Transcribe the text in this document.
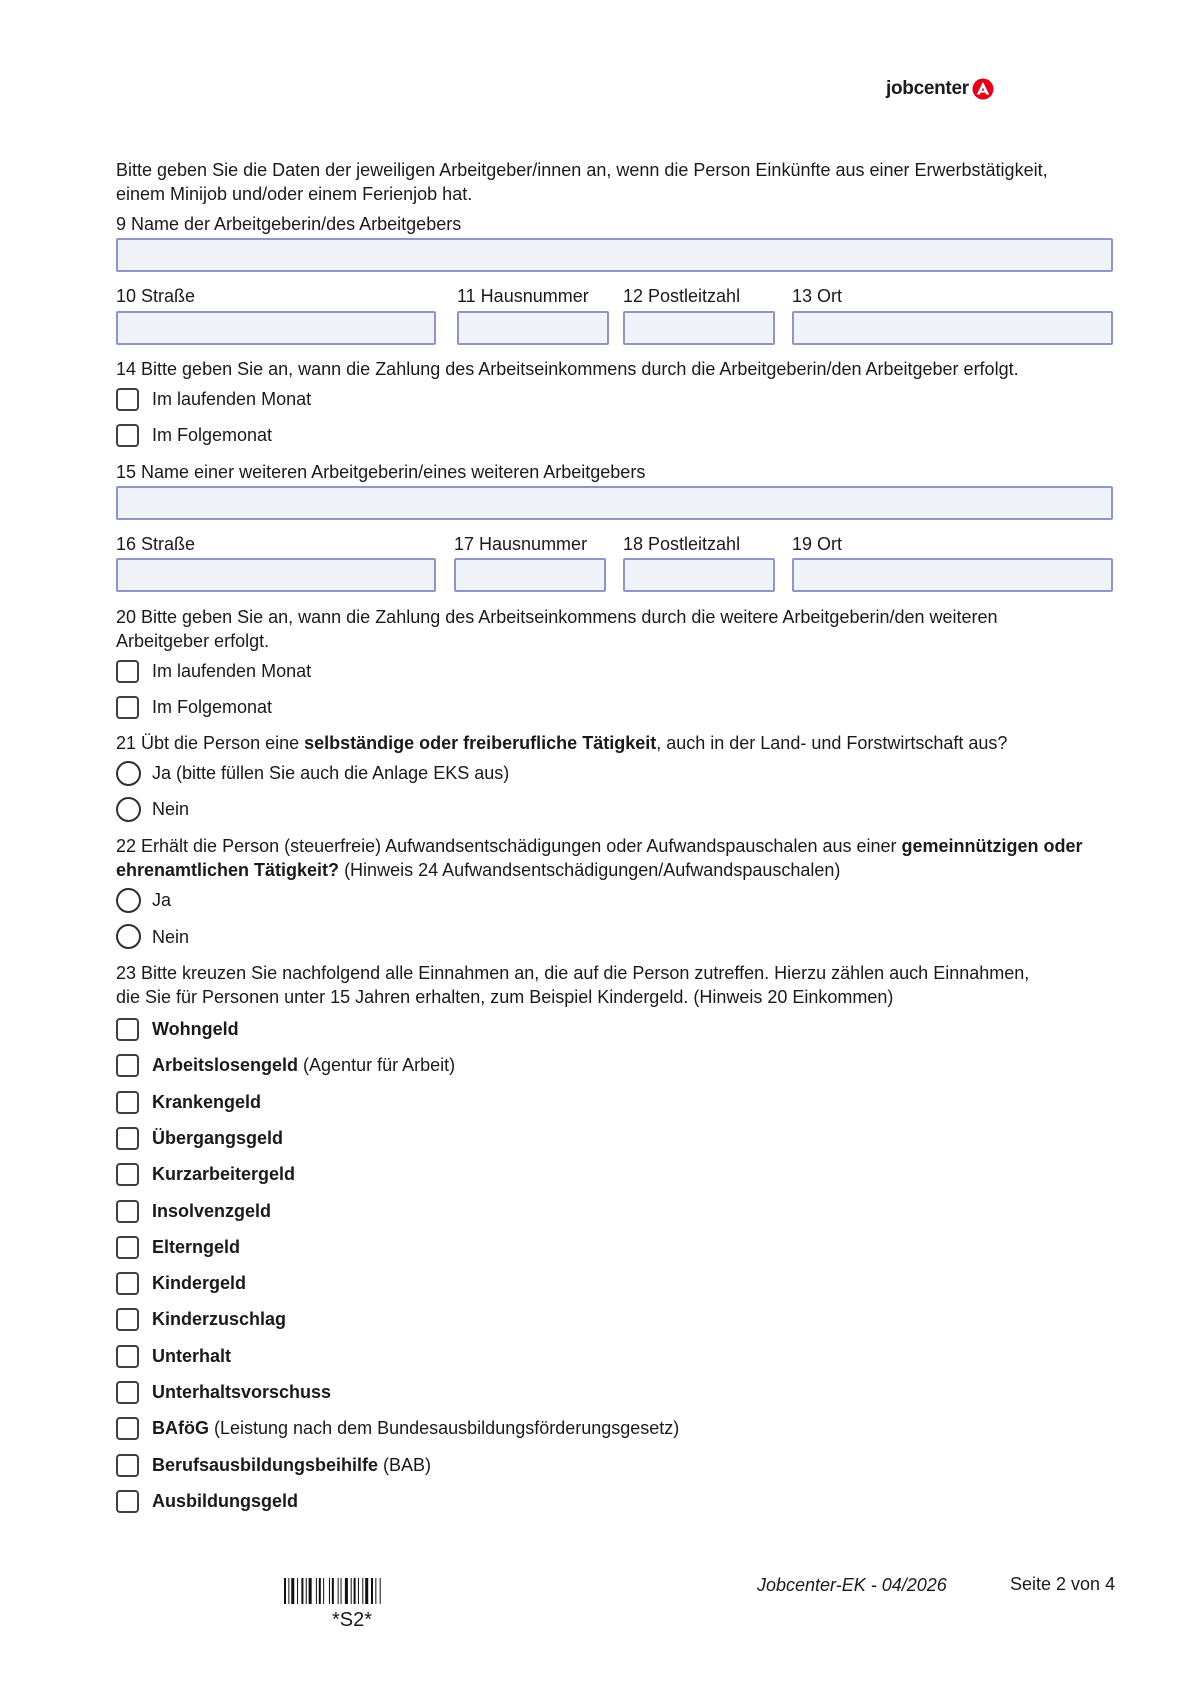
jobcenter
Bitte geben Sie die Daten der jeweiligen Arbeitgeber/innen an, wenn die Person Einkünfte aus einer Erwerbstätigkeit,
einem Minijob und/oder einem Ferienjob hat.
9 Name der Arbeitgeberin/des Arbeitgebers
10 Straße	11 Hausnummer 12 Postleitzahl	13 Ort
14 Bitte geben Sie an, wann die Zahlung des Arbeitseinkommens durch die Arbeitgeberin/den Arbeitgeber erfolgt.
Im laufenden Monat
Im Folgemonat
15 Name einer weiteren Arbeitgeberin/eines weiteren Arbeitgebers
16 Straße	17 Hausnummer 18 Postleitzahl	19 Ort
20 Bitte geben Sie an, wann die Zahlung des Arbeitseinkommens durch die weitere Arbeitgeberin/den weiteren
Arbeitgeber erfolgt.
Im laufenden Monat
Im Folgemonat
21 Übt die Person eine selbständige oder freiberufliche Tätigkeit, auch in der Land- und Forstwirtschaft aus?
Ja (bitte füllen Sie auch die Anlage EKS aus)
Nein
22 Erhält die Person (steuerfreie) Aufwandsentschädigungen oder Aufwandspauschalen aus einer gemeinnützigen oder
ehrenamtlichen Tätigkeit? (Hinweis 24 Aufwandsentschädigungen/Aufwandspauschalen)
Ja
Nein
23 Bitte kreuzen Sie nachfolgend alle Einnahmen an, die auf die Person zutreffen. Hierzu zählen auch Einnahmen,
die Sie für Personen unter 15 Jahren erhalten, zum Beispiel Kindergeld. (Hinweis 20 Einkommen)
Wohngeld
Arbeitslosengeld (Agentur für Arbeit)
Krankengeld
Übergangsgeld
Kurzarbeitergeld
Insolvenzgeld
Elterngeld
Kindergeld
Kinderzuschlag
Unterhalt
Unterhaltsvorschuss
BAföG (Leistung nach dem Bundesausbildungsförderungsgesetz)
Berufsausbildungsbeihilfe (BAB)
Ausbildungsgeld
*S2*
Jobcenter-EK - 04/2026	Seite 2 von 4
